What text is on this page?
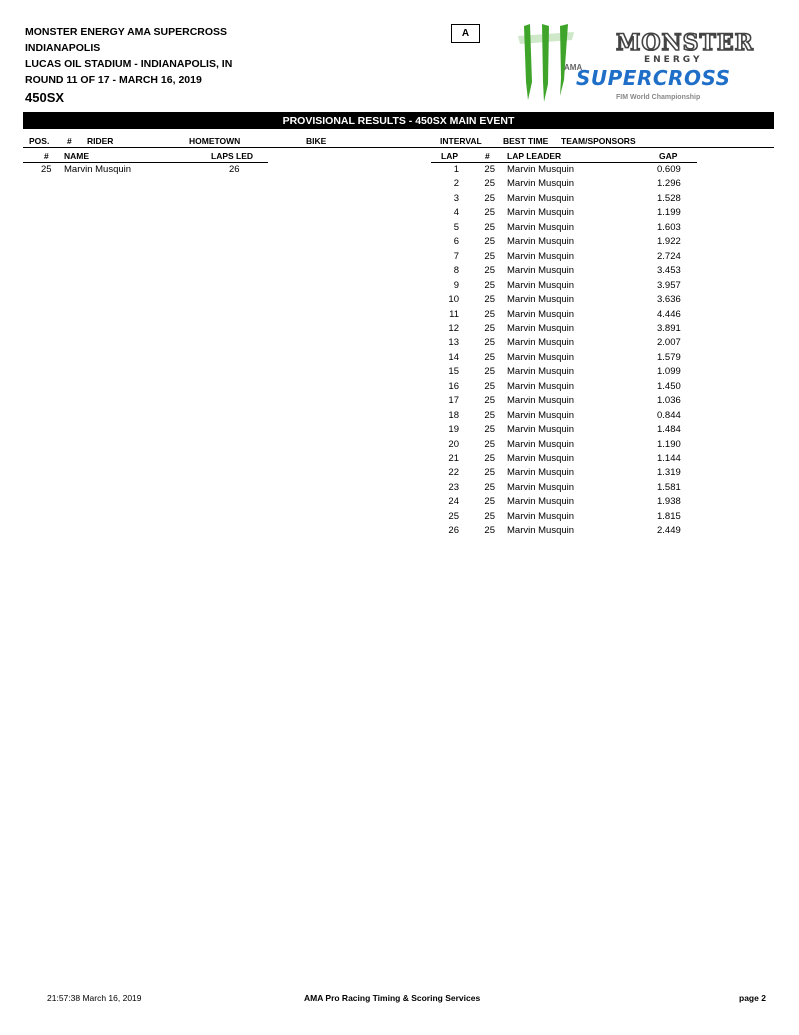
MONSTER ENERGY AMA SUPERCROSS
INDIANAPOLIS
LUCAS OIL STADIUM - INDIANAPOLIS, IN
ROUND 11 OF 17 - MARCH 16, 2019
450SX
A	MONSTER
ENERGY
AMA
SUPERCROSS
FIM World Championship
PROVISIONAL RESULTS - 450SX MAIN EVENT
POS. # RIDER	HOMETOWN	BIKE	INTERVAL	BEST TIME TEAM/SPONSORS
# NAME	LAPS LED
25 Marvin Musquin	26
LAP	# LAP LEADER	GAP
1	25 Marvin Musquin	0.609
2	25 Marvin Musquin	1.296
3	25 Marvin Musquin	1.528
4	25 Marvin Musquin	1.199
5	25 Marvin Musquin	1.603
6	25 Marvin Musquin	1.922
7	25 Marvin Musquin	2.724
8	25 Marvin Musquin	3.453
9	25 Marvin Musquin	3.957
10	25 Marvin Musquin	3.636
11	25 Marvin Musquin	4.446
12	25 Marvin Musquin	3.891
13	25 Marvin Musquin	2.007
14	25 Marvin Musquin	1.579
15	25 Marvin Musquin	1.099
16	25 Marvin Musquin	1.450
17	25 Marvin Musquin	1.036
18	25 Marvin Musquin	0.844
19	25 Marvin Musquin	1.484
20	25 Marvin Musquin	1.190
21	25 Marvin Musquin	1.144
22	25 Marvin Musquin	1.319
23	25 Marvin Musquin	1.581
24	25 Marvin Musquin	1.938
25	25 Marvin Musquin	1.815
26	25 Marvin Musquin	2.449
21:57:38 March 16, 2019	AMA Pro Racing Timing & Scoring Services	page 2
